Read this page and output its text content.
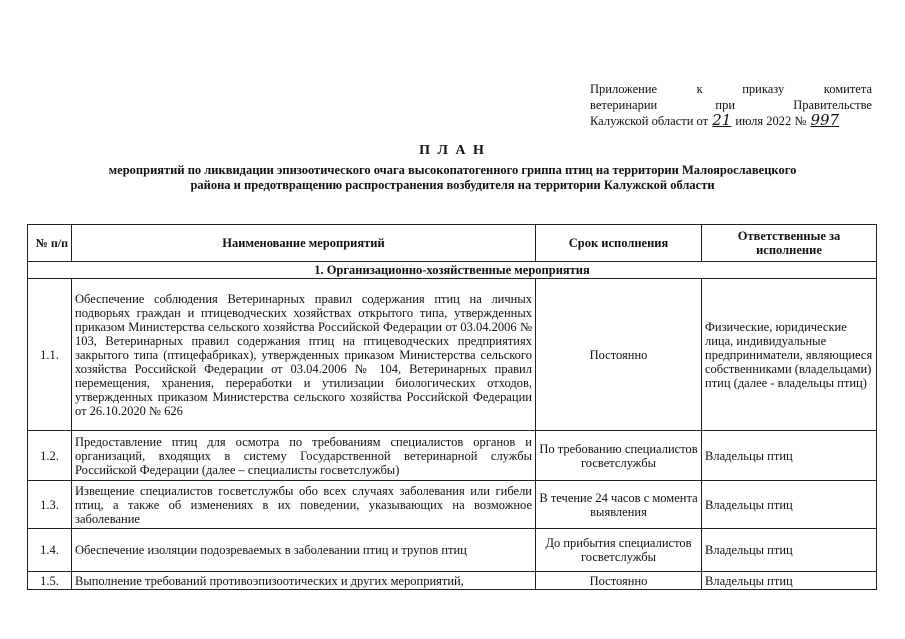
Приложение	к	приказу	комитета
ветеринарии	при	Правительстве
Калужской области от 21 июля 2022 № 997
П Л А Н
мероприятий по ликвидации эпизоотического очага высокопатогенного гриппа птиц на территории Малоярославецкого
района и предотвращению распространения возбудителя на территории Калужской области
№ п/п	Наименование мероприятий	Срок исполнения	Ответственные за исполнение
1. Организационно-хозяйственные мероприятия			
1.1.	Обеспечение соблюдения Ветеринарных правил содержания птиц на личных подворьях граждан и птицеводческих хозяйствах открытого типа, утвержденных приказом Министерства сельского хозяйства Российской Федерации от 03.04.2006 № 103, Ветеринарных правил содержания птиц на птицеводческих предприятиях закрытого типа (птицефабриках), утвержденных приказом Министерства сельского хозяйства Российской Федерации от 03.04.2006 № 104, Ветеринарных правил перемещения, хранения, переработки и утилизации биологических отходов, утвержденных приказом Министерства сельского хозяйства Российской Федерации от 26.10.2020 № 626	Постоянно	Физические, юридические лица, индивидуальные предприниматели, являющиеся собственниками (владельцами) птиц (далее - владельцы птиц)
1.2.	Предоставление птиц для осмотра по требованиям специалистов органов и организаций, входящих в систему Государственной ветеринарной службы Российской Федерации (далее – специалисты госветслужбы)	По требованию специалистов госветслужбы	Владельцы птиц
1.3.	Извещение специалистов госветслужбы обо всех случаях заболевания или гибели птиц, а также об изменениях в их поведении, указывающих на возможное заболевание	В течение 24 часов с момента выявления	Владельцы птиц
1.4.	Обеспечение изоляции подозреваемых в заболевании птиц и трупов птиц	До прибытия специалистов госветслужбы	Владельцы птиц
1.5.	Выполнение требований противоэпизоотических и других мероприятий,	Постоянно	Владельцы птиц
